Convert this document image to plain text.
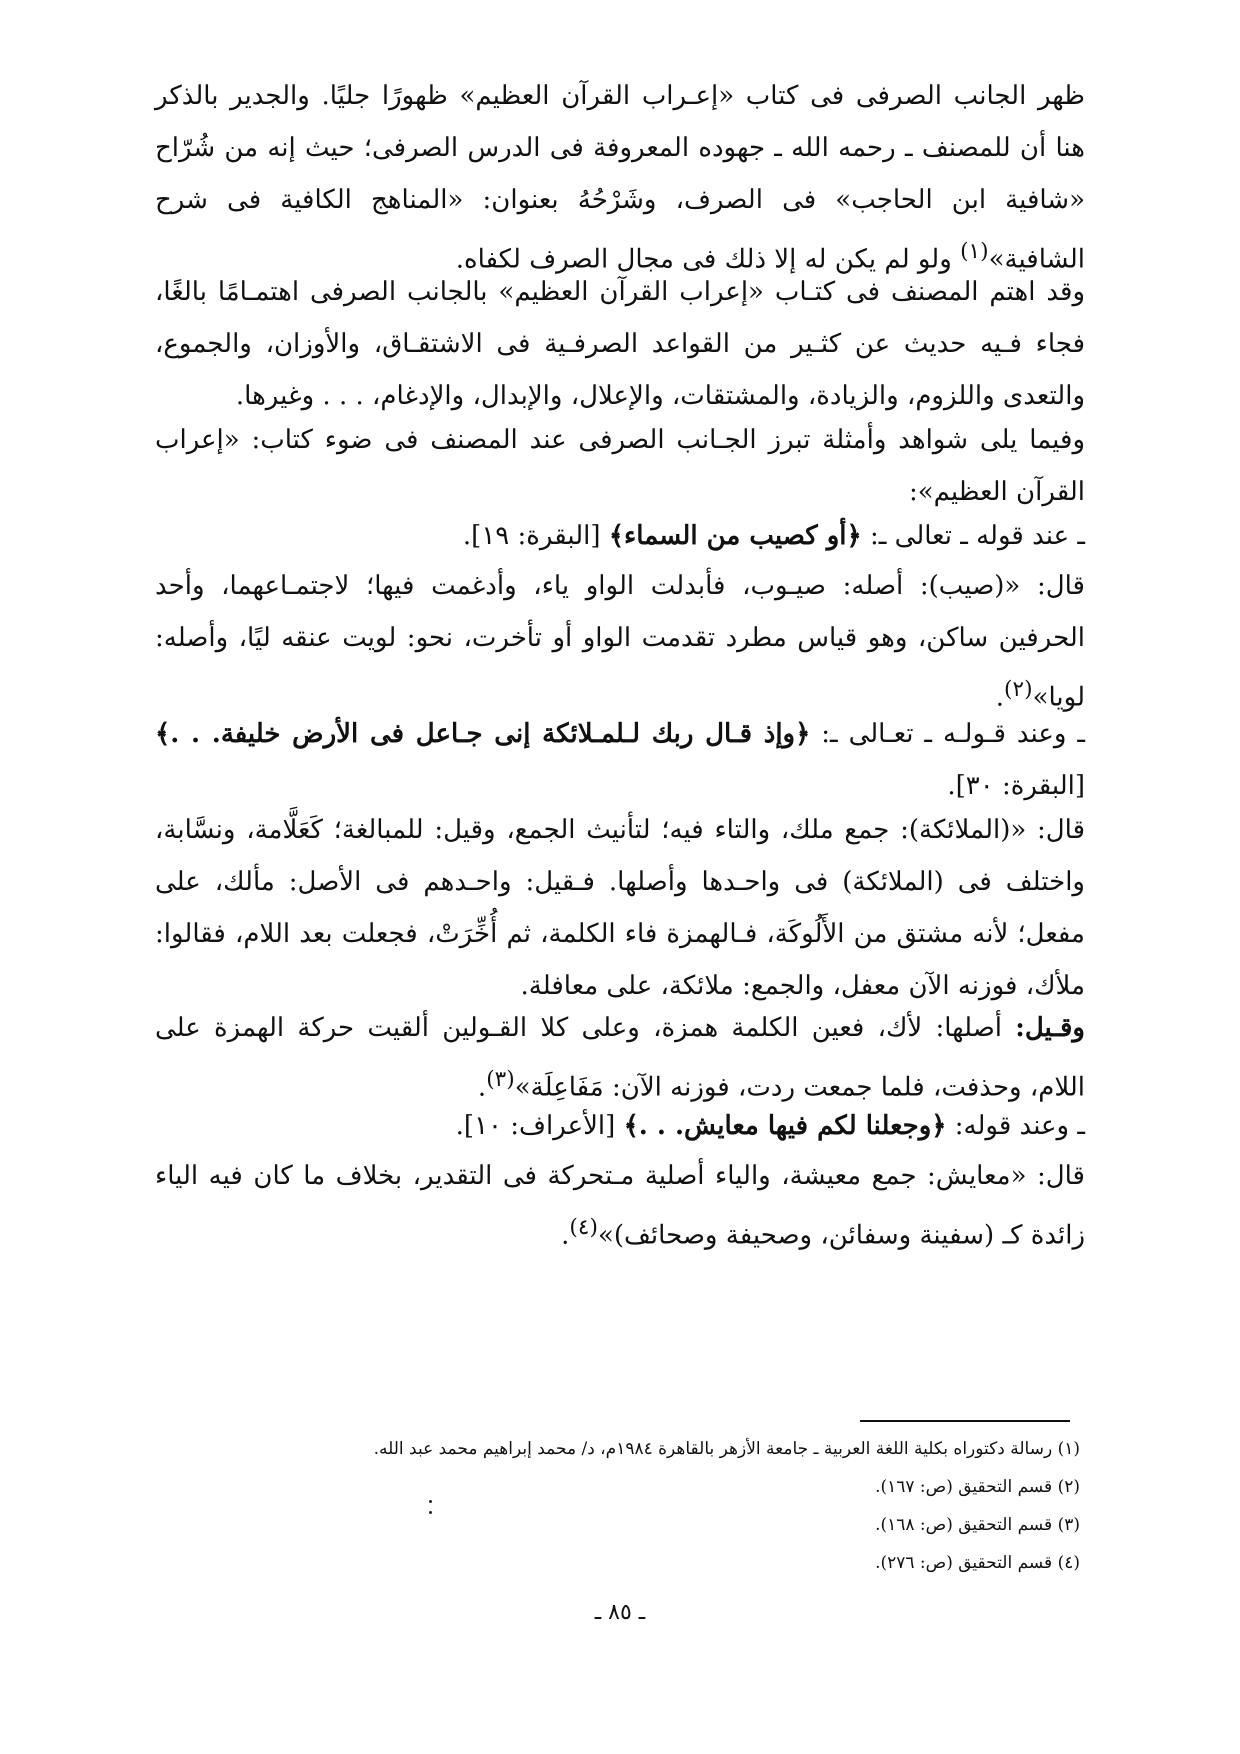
ظهر الجانب الصرفى فى كتاب «إعـراب القرآن العظيم» ظهورًا جليًا. والجدير بالذكر هنا أن للمصنف ـ رحمه الله ـ جهوده المعروفة فى الدرس الصرفى؛ حيث إنه من شُرّاح «شافية ابن الحاجب» فى الصرف، وشَرْحُهُ بعنوان: «المناهج الكافية فى شرح الشافية»$^{(١)}$ ولو لم يكن له إلا ذلك فى مجال الصرف لكفاه.

وقد اهتم المصنف فى كتـاب «إعراب القرآن العظيم» بالجانب الصرفى اهتمـامًا بالغًا، فجاء فـيه حديث عن كثـير من القواعد الصرفـية فى الاشتقـاق، والأوزان، والجموع، والتعدى واللزوم، والزيادة، والمشتقات، والإعلال، والإبدال، والإدغام، . . . وغيرها.

وفيما يلى شواهد وأمثلة تبرز الجـانب الصرفى عند المصنف فى ضوء كتاب: «إعراب القرآن العظيم»:

ـ عند قوله ـ تعالى ـ: ﴿أو كصيب من السماء﴾ [البقرة: ١٩].

قال: «(صيب): أصله: صيـوب، فأبدلت الواو ياء، وأدغمت فيها؛ لاجتمـاعهما، وأحد الحرفين ساكن، وهو قياس مطرد تقدمت الواو أو تأخرت، نحو: لويت عنقه ليًا، وأصله: لويا»$^{(٢)}$.

ـ وعند قـولـه ـ تعـالى ـ: ﴿وإذ قـال ربك لـلمـلائكة إنى جـاعل فى الأرض خليفة. . .﴾ [البقرة: ٣٠].

قال: «(الملائكة): جمع ملك، والتاء فيه؛ لتأنيث الجمع، وقيل: للمبالغة؛ كَعَلَّامة، ونسَّابة، واختلف فى (الملائكة) فى واحـدها وأصلها. فـقيل: واحـدهم فى الأصل: مألك، على مفعل؛ لأنه مشتق من الأَلُوكَة، فـالهمزة فاء الكلمة، ثم أُخِّرَتْ، فجعلت بعد اللام، فقالوا: ملأك، فوزنه الآن معفل، والجمع: ملائكة، على معافلة.

وقـيل: أصلها: لأك، فعين الكلمة همزة، وعلى كلا القـولين ألقيت حركة الهمزة على اللام، وحذفت، فلما جمعت ردت، فوزنه الآن: مَفَاعِلَة»$^{(٣)}$.

ـ وعند قوله: ﴿وجعلنا لكم فيها معايش. . .﴾ [الأعراف: ١٠].

قال: «معايش: جمع معيشة، والياء أصلية مـتحركة فى التقدير، بخلاف ما كان فيه الياء زائدة كـ (سفينة وسفائن، وصحيفة وصحائف)»$^{(٤)}$.

(١) رسالة دكتوراه بكلية اللغة العربية ـ جامعة الأزهر بالقاهرة ١٩٨٤م، د/ محمد إبراهيم محمد عبد الله.
(٢) قسم التحقيق (ص: ١٦٧).
(٣) قسم التحقيق (ص: ١٦٨).
(٤) قسم التحقيق (ص: ٢٧٦).
ـ ٨٥ ـ
